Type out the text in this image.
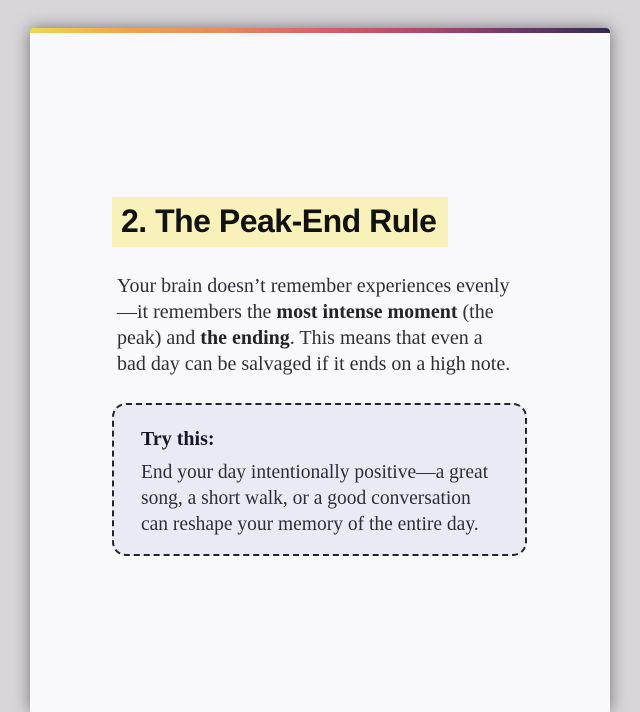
2. The Peak-End Rule

Your brain doesn’t remember experiences evenly
—it remembers the most intense moment (the
peak) and the ending. This means that even a
bad day can be salvaged if it ends on a high note.

Try this:

End your day intentionally positive—a great
song, a short walk, or a good conversation
can reshape your memory of the entire day.
